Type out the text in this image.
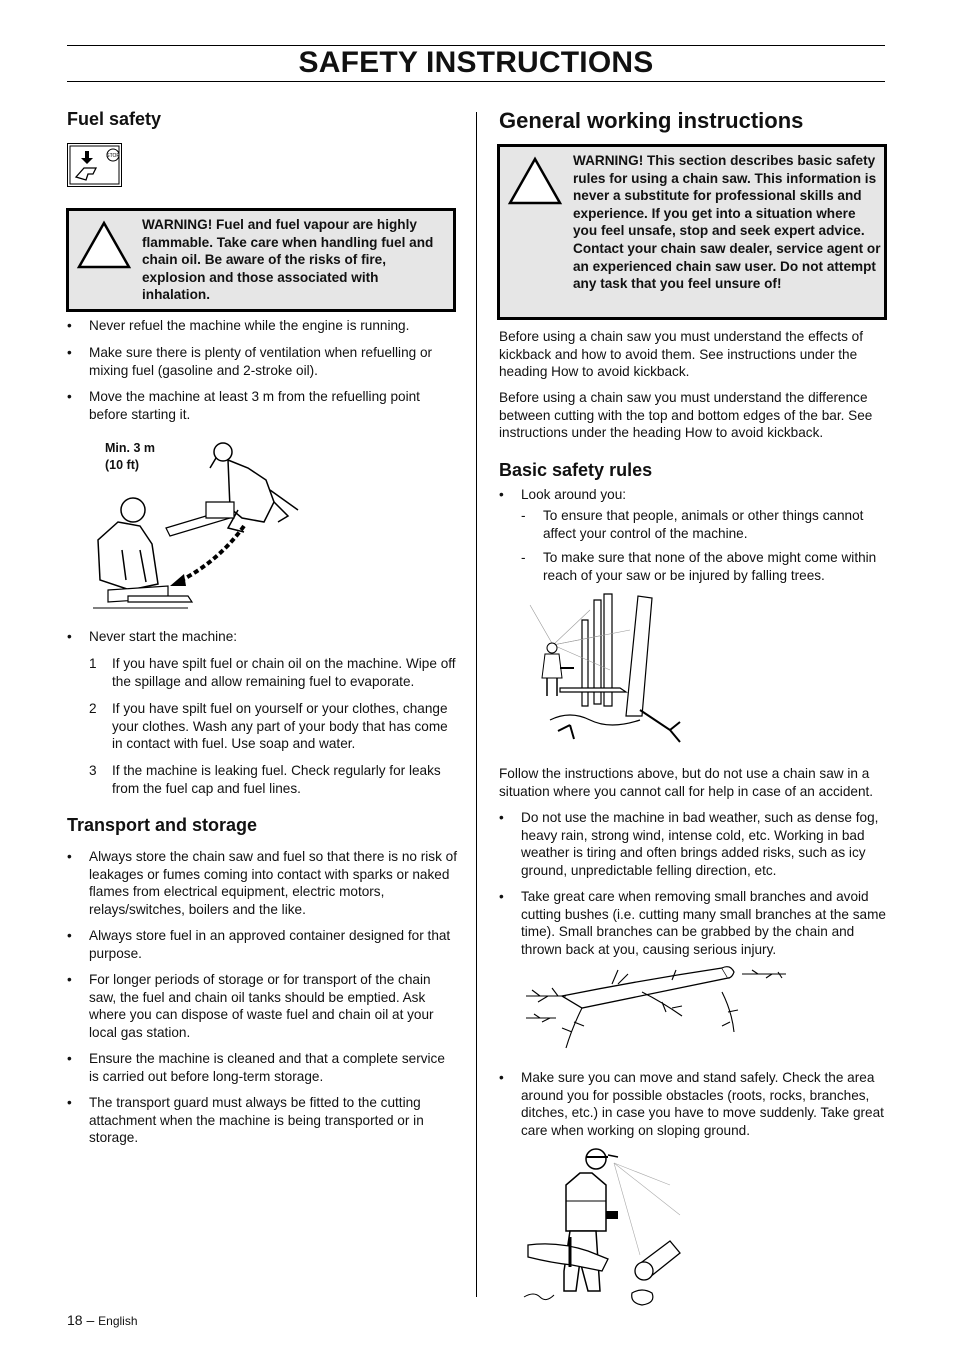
SAFETY INSTRUCTIONS
Fuel safety
STOP
WARNING! Fuel and fuel vapour are highly flammable. Take care when handling fuel and chain oil. Be aware of the risks of fire, explosion and those associated with inhalation.
• Never refuel the machine while the engine is running.
• Make sure there is plenty of ventilation when refuelling or mixing fuel (gasoline and 2-stroke oil).
• Move the machine at least 3 m from the refuelling point before starting it.
Min. 3 m (10 ft)
• Never start the machine:
1 If you have spilt fuel or chain oil on the machine. Wipe off the spillage and allow remaining fuel to evaporate.
2 If you have spilt fuel on yourself or your clothes, change your clothes. Wash any part of your body that has come in contact with fuel. Use soap and water.
3 If the machine is leaking fuel. Check regularly for leaks from the fuel cap and fuel lines.
Transport and storage
• Always store the chain saw and fuel so that there is no risk of leakages or fumes coming into contact with sparks or naked flames from electrical equipment, electric motors, relays/switches, boilers and the like.
• Always store fuel in an approved container designed for that purpose.
• For longer periods of storage or for transport of the chain saw, the fuel and chain oil tanks should be emptied. Ask where you can dispose of waste fuel and chain oil at your local gas station.
• Ensure the machine is cleaned and that a complete service is carried out before long-term storage.
• The transport guard must always be fitted to the cutting attachment when the machine is being transported or in storage.
General working instructions
WARNING! This section describes basic safety rules for using a chain saw. This information is never a substitute for professional skills and experience. If you get into a situation where you feel unsafe, stop and seek expert advice. Contact your chain saw dealer, service agent or an experienced chain saw user. Do not attempt any task that you feel unsure of!

Before using a chain saw you must understand the effects of kickback and how to avoid them. See instructions under the heading How to avoid kickback.

Before using a chain saw you must understand the difference between cutting with the top and bottom edges of the bar. See instructions under the heading How to avoid kickback.

Basic safety rules
• Look around you:
- To ensure that people, animals or other things cannot affect your control of the machine.
- To make sure that none of the above might come within reach of your saw or be injured by falling trees.

Follow the instructions above, but do not use a chain saw in a situation where you cannot call for help in case of an accident.

• Do not use the machine in bad weather, such as dense fog, heavy rain, strong wind, intense cold, etc. Working in bad weather is tiring and often brings added risks, such as icy ground, unpredictable felling direction, etc.
• Take great care when removing small branches and avoid cutting bushes (i.e. cutting many small branches at the same time). Small branches can be grabbed by the chain and thrown back at you, causing serious injury.
• Make sure you can move and stand safely. Check the area around you for possible obstacles (roots, rocks, branches, ditches, etc.) in case you have to move suddenly. Take great care when working on sloping ground.
18 – English
